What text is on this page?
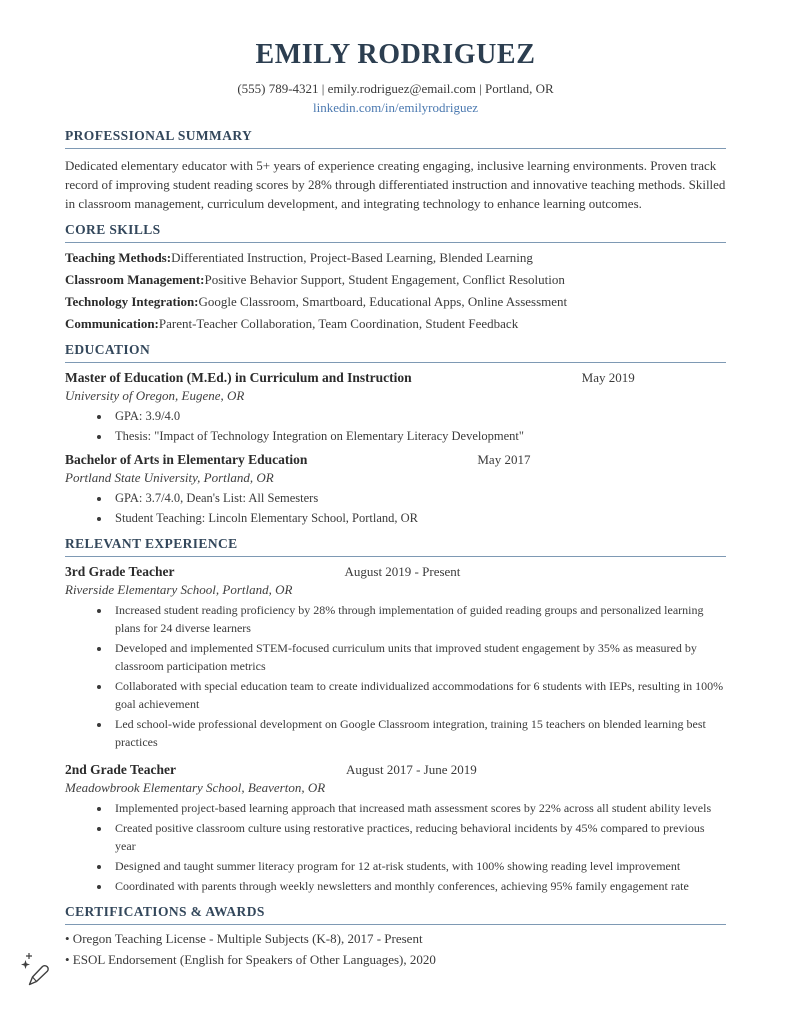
EMILY RODRIGUEZ
(555) 789-4321 | emily.rodriguez@email.com | Portland, OR
linkedin.com/in/emilyrodriguez
PROFESSIONAL SUMMARY

Dedicated elementary educator with 5+ years of experience creating engaging, inclusive learning environments. Proven track record of improving student reading scores by 28% through differentiated instruction and innovative teaching methods. Skilled in classroom management, curriculum development, and integrating technology to enhance learning outcomes.

CORE SKILLS
Teaching Methods:Differentiated Instruction, Project-Based Learning, Blended Learning
Classroom Management:Positive Behavior Support, Student Engagement, Conflict Resolution
Technology Integration:Google Classroom, Smartboard, Educational Apps, Online Assessment
Communication:Parent-Teacher Collaboration, Team Coordination, Student Feedback
EDUCATION
Master of Education (M.Ed.) in Curriculum and Instruction	May 2019
University of Oregon, Eugene, OR
• GPA: 3.9/4.0
• Thesis: "Impact of Technology Integration on Elementary Literacy Development"
Bachelor of Arts in Elementary Education	May 2017
Portland State University, Portland, OR
• GPA: 3.7/4.0, Dean's List: All Semesters
• Student Teaching: Lincoln Elementary School, Portland, OR
RELEVANT EXPERIENCE
3rd Grade Teacher	August 2019 - Present
Riverside Elementary School, Portland, OR
• Increased student reading proficiency by 28% through implementation of guided reading groups and personalized learning plans for 24 diverse learners
• Developed and implemented STEM-focused curriculum units that improved student engagement by 35% as measured by classroom participation metrics
• Collaborated with special education team to create individualized accommodations for 6 students with IEPs, resulting in 100% goal achievement
• Led school-wide professional development on Google Classroom integration, training 15 teachers on blended learning best practices
2nd Grade Teacher	August 2017 - June 2019
Meadowbrook Elementary School, Beaverton, OR
• Implemented project-based learning approach that increased math assessment scores by 22% across all student ability levels
• Created positive classroom culture using restorative practices, reducing behavioral incidents by 45% compared to previous year
• Designed and taught summer literacy program for 12 at-risk students, with 100% showing reading level improvement
• Coordinated with parents through weekly newsletters and monthly conferences, achieving 95% family engagement rate
CERTIFICATIONS & AWARDS
• Oregon Teaching License - Multiple Subjects (K-8), 2017 - Present
• ESOL Endorsement (English for Speakers of Other Languages), 2020
